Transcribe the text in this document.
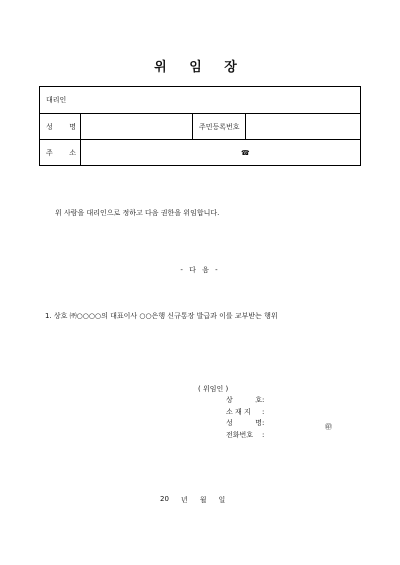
위 임 장
대리인			

성 명		주민등록번호	

주 소	☎		
위 사람을 대리인으로 정하고 다음 권한을 위임합니다.
- 다 음 -
1. 상호 ㈜○○○○의 대표이사 ○○은행 신규통장 발급과 이를 교부받는 행위
( 위임인 )
상	호 :
소 재 지	:
성	명 :
전화번호	:
㊞
20 년 월 일
